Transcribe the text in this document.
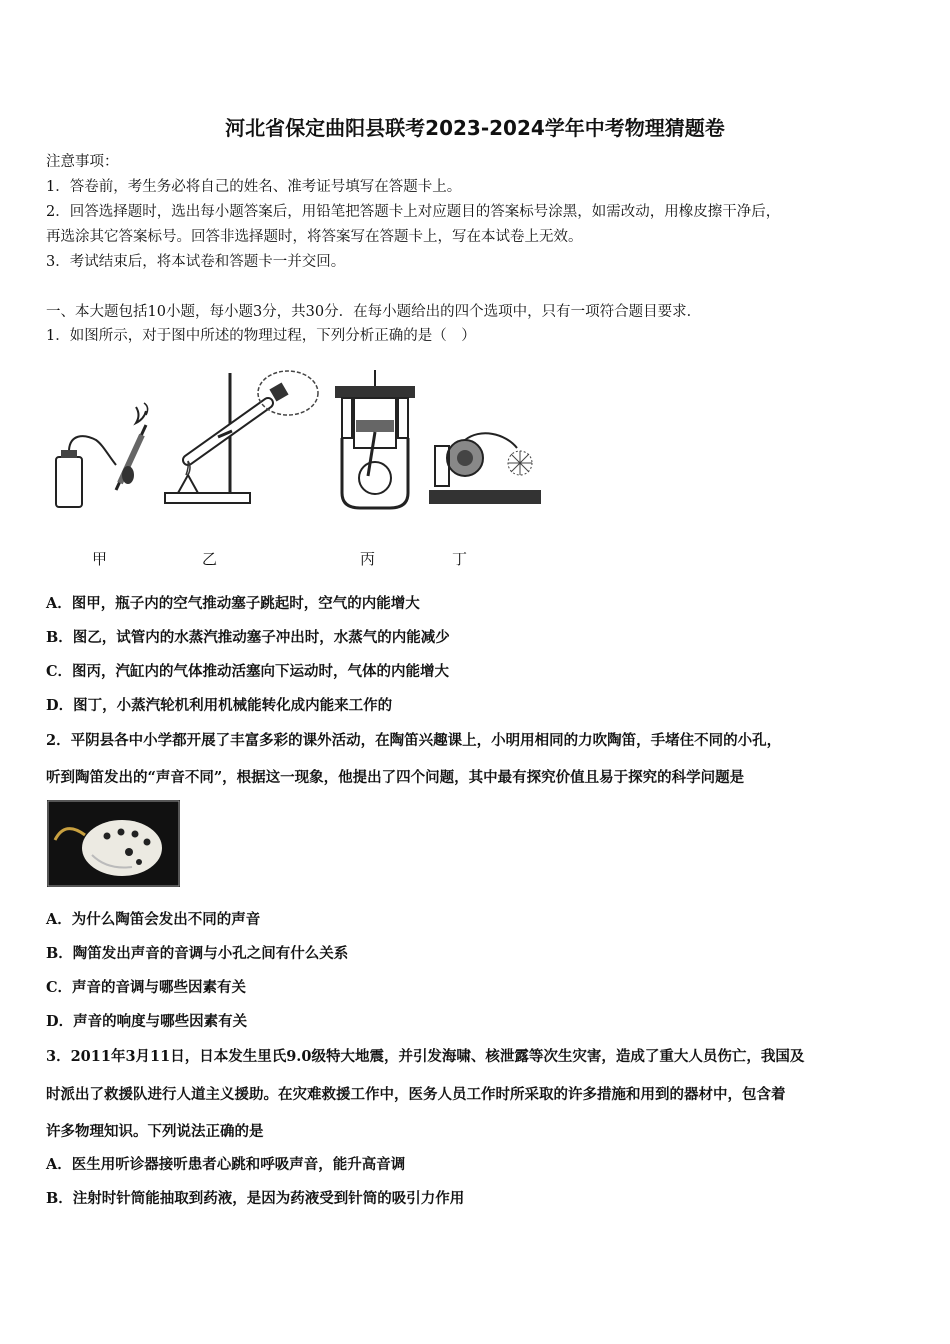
河北省保定曲阳县联考2023-2024学年中考物理猜题卷
注意事项：
1．答卷前，考生务必将自己的姓名、准考证号填写在答题卡上。
2．回答选择题时，选出每小题答案后，用铅笔把答题卡上对应题目的答案标号涂黑，如需改动，用橡皮擦干净后，
再选涂其它答案标号。回答非选择题时，将答案写在答题卡上，写在本试卷上无效。
3．考试结束后，将本试卷和答题卡一并交回。
一、本大题包括10小题，每小题3分，共30分．在每小题给出的四个选项中，只有一项符合题目要求．
1．如图所示，对于图中所述的物理过程，下列分析正确的是（　）
甲	乙	丙	丁
A．图甲，瓶子内的空气推动塞子跳起时，空气的内能增大
B．图乙，试管内的水蒸汽推动塞子冲出时，水蒸气的内能减少
C．图丙，汽缸内的气体推动活塞向下运动时，气体的内能增大
D．图丁，小蒸汽轮机利用机械能转化成内能来工作的
2．平阴县各中小学都开展了丰富多彩的课外活动，在陶笛兴趣课上，小明用相同的力吹陶笛，手堵住不同的小孔，
听到陶笛发出的“声音不同”，根据这一现象，他提出了四个问题，其中最有探究价值且易于探究的科学问题是
A．为什么陶笛会发出不同的声音
B．陶笛发出声音的音调与小孔之间有什么关系
C．声音的音调与哪些因素有关
D．声音的响度与哪些因素有关
3．2011年3月11日，日本发生里氏9.0级特大地震，并引发海啸、核泄露等次生灾害，造成了重大人员伤亡，我国及
时派出了救援队进行人道主义援助。在灾难救援工作中，医务人员工作时所采取的许多措施和用到的器材中，包含着
许多物理知识。下列说法正确的是
A．医生用听诊器接听患者心跳和呼吸声音，能升高音调
B．注射时针筒能抽取到药液，是因为药液受到针筒的吸引力作用
